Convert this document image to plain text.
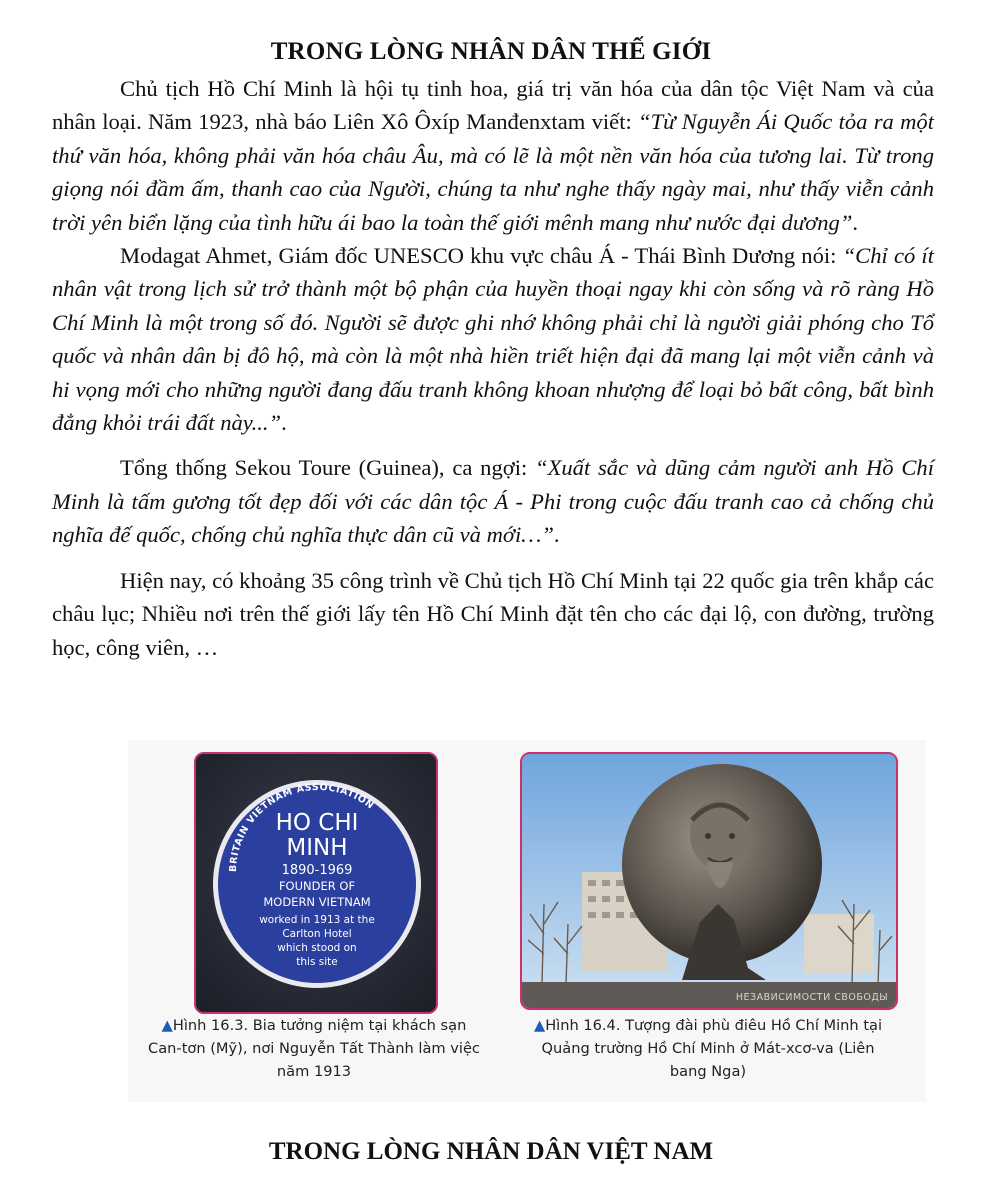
TRONG LÒNG NHÂN DÂN THẾ GIỚI

Chủ tịch Hồ Chí Minh là hội tụ tinh hoa, giá trị văn hóa của dân tộc Việt Nam và của nhân loại. Năm 1923, nhà báo Liên Xô Ôxíp Manđenxtam viết: “Từ Nguyễn Ái Quốc tỏa ra một thứ văn hóa, không phải văn hóa châu Âu, mà có lẽ là một nền văn hóa của tương lai. Từ trong giọng nói đầm ấm, thanh cao của Người, chúng ta như nghe thấy ngày mai, như thấy viễn cảnh trời yên biển lặng của tình hữu ái bao la toàn thế giới mênh mang như nước đại dương”.

Modagat Ahmet, Giám đốc UNESCO khu vực châu Á - Thái Bình Dương nói: “Chỉ có ít nhân vật trong lịch sử trở thành một bộ phận của huyền thoại ngay khi còn sống và rõ ràng Hồ Chí Minh là một trong số đó. Người sẽ được ghi nhớ không phải chỉ là người giải phóng cho Tổ quốc và nhân dân bị đô hộ, mà còn là một nhà hiền triết hiện đại đã mang lại một viễn cảnh và hi vọng mới cho những người đang đấu tranh không khoan nhượng để loại bỏ bất công, bất bình đẳng khỏi trái đất này...”.

Tổng thống Sekou Toure (Guinea), ca ngợi: “Xuất sắc và dũng cảm người anh Hồ Chí Minh là tấm gương tốt đẹp đối với các dân tộc Á - Phi trong cuộc đấu tranh cao cả chống chủ nghĩa đế quốc, chống chủ nghĩa thực dân cũ và mới…”.

Hiện nay, có khoảng 35 công trình về Chủ tịch Hồ Chí Minh tại 22 quốc gia trên khắp các châu lục; Nhiều nơi trên thế giới lấy tên Hồ Chí Minh đặt tên cho các đại lộ, con đường, trường học, công viên, …

BRITAIN VIETNAM ASSOCIATION
HO CHI
MINH
1890-1969
FOUNDER OF
MODERN VIETNAM
worked in 1913 at the
Carlton Hotel
which stood on
this site
▲Hình 16.3. Bia tưởng niệm tại khách sạn Can-tơn (Mỹ), nơi Nguyễn Tất Thành làm việc năm 1913
НЕЗАВИСИМОСТИ СВОБОДЫ
▲Hình 16.4. Tượng đài phù điêu Hồ Chí Minh tại Quảng trường Hồ Chí Minh ở Mát-xcơ-va (Liên bang Nga)
TRONG LÒNG NHÂN DÂN VIỆT NAM
